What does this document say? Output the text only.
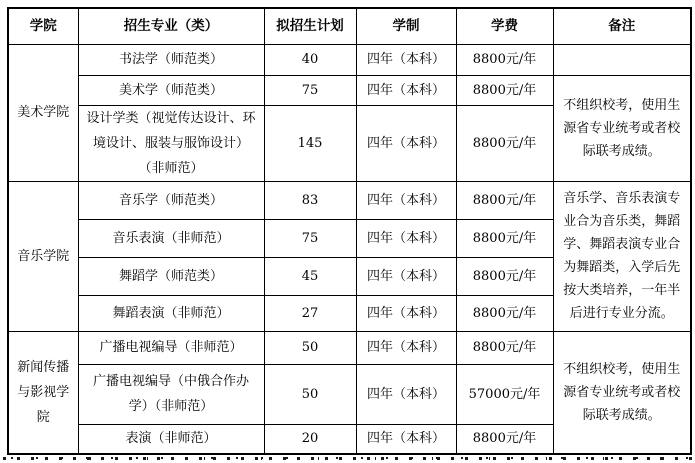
学院	招生专业（类）	拟招生计划	学制	学费	备注

美术学院	书法学（师范类）	40	四年（本科）	8800元/年	
	美术学（师范类）	75	四年（本科）	8800元/年	不组织校考，使用生源省专业统考或者校际联考成绩。
	设计学类（视觉传达设计、环境设计、服装与服饰设计）（非师范）	145	四年（本科）	8800元/年	

音乐学院	音乐学（师范类）	83	四年（本科）	8800元/年	音乐学、音乐表演专业合为音乐类，舞蹈学、舞蹈表演专业合为舞蹈类，入学后先按大类培养，一年半后进行专业分流。
	音乐表演（非师范）	75	四年（本科）	8800元/年	
	舞蹈学（师范类）	45	四年（本科）	8800元/年	
	舞蹈表演（非师范）	27	四年（本科）	8800元/年	

新闻传播与影视学院	广播电视编导（非师范）	50	四年（本科）	8800元/年	不组织校考，使用生源省专业统考或者校际联考成绩。
	广播电视编导（中俄合作办学）（非师范）	50	四年（本科）	57000元/年	
	表演（非师范）	20	四年（本科）	8800元/年	
